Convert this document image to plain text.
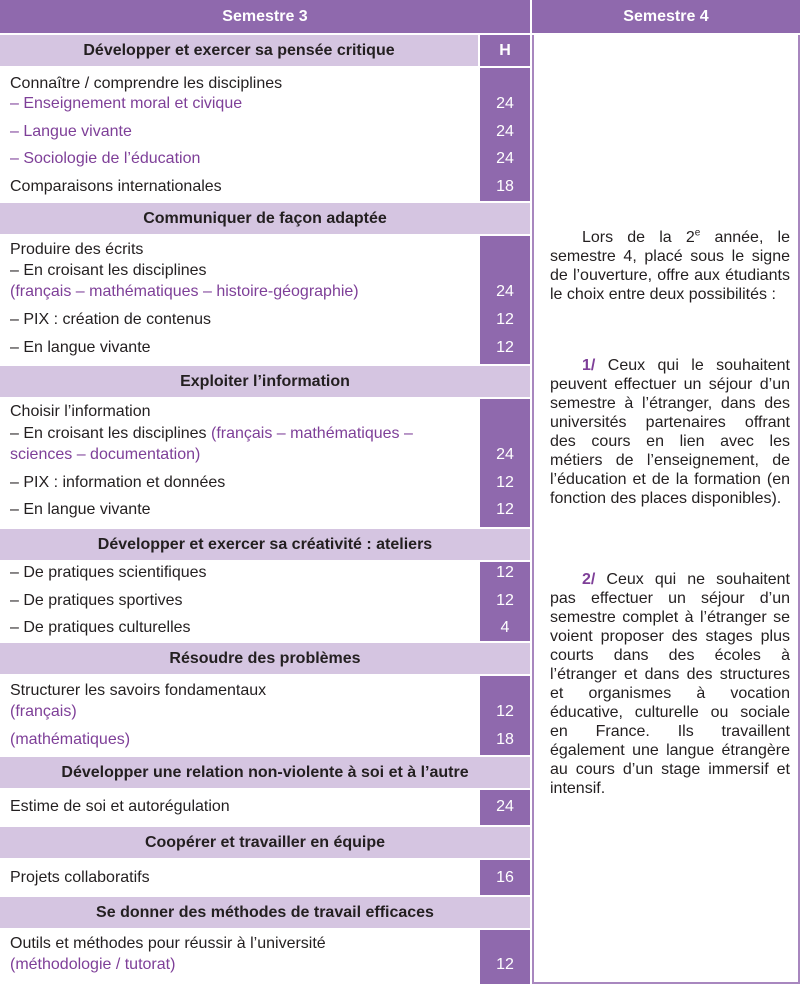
Semestre 3
Développer et exercer sa pensée critique	H
Connaître / comprendre les disciplines
– Enseignement moral et civique	24
– Langue vivante	24
– Sociologie de l’éducation	24
Comparaisons internationales	18
Communiquer de façon adaptée
Produire des écrits
– En croisant les disciplines
(français – mathématiques – histoire-géographie)	24
– PIX : création de contenus	12
– En langue vivante	12
Exploiter l’information
Choisir l’information
– En croisant les disciplines (français – mathématiques –
sciences – documentation)	24
– PIX : information et données	12
– En langue vivante	12
Développer et exercer sa créativité : ateliers
– De pratiques scientifiques	12
– De pratiques sportives	12
– De pratiques culturelles	4
Résoudre des problèmes
Structurer les savoirs fondamentaux
(français)	12
(mathématiques)	18
Développer une relation non-violente à soi et à l’autre
Estime de soi et autorégulation	24
Coopérer et travailler en équipe
Projets collaboratifs	16
Se donner des méthodes de travail efficaces
Outils et méthodes pour réussir à l’université
(méthodologie / tutorat)	12
Semestre 4

Lors de la 2e année, le semestre 4, placé sous le signe de l’ouverture, offre aux étudiants le choix entre deux possibilités :

1/ Ceux qui le souhaitent peuvent effectuer un séjour d’un semestre à l’étranger, dans des universités partenaires offrant des cours en lien avec les métiers de l’enseignement, de l’éducation et de la formation (en fonction des places disponibles).

2/ Ceux qui ne souhaitent pas effectuer un séjour d’un semestre complet à l’étranger se voient proposer des stages plus courts dans des écoles à l’étranger et dans des structures et organismes à vocation éducative, culturelle ou sociale en France. Ils travaillent également une langue étrangère au cours d’un stage immersif et intensif.
